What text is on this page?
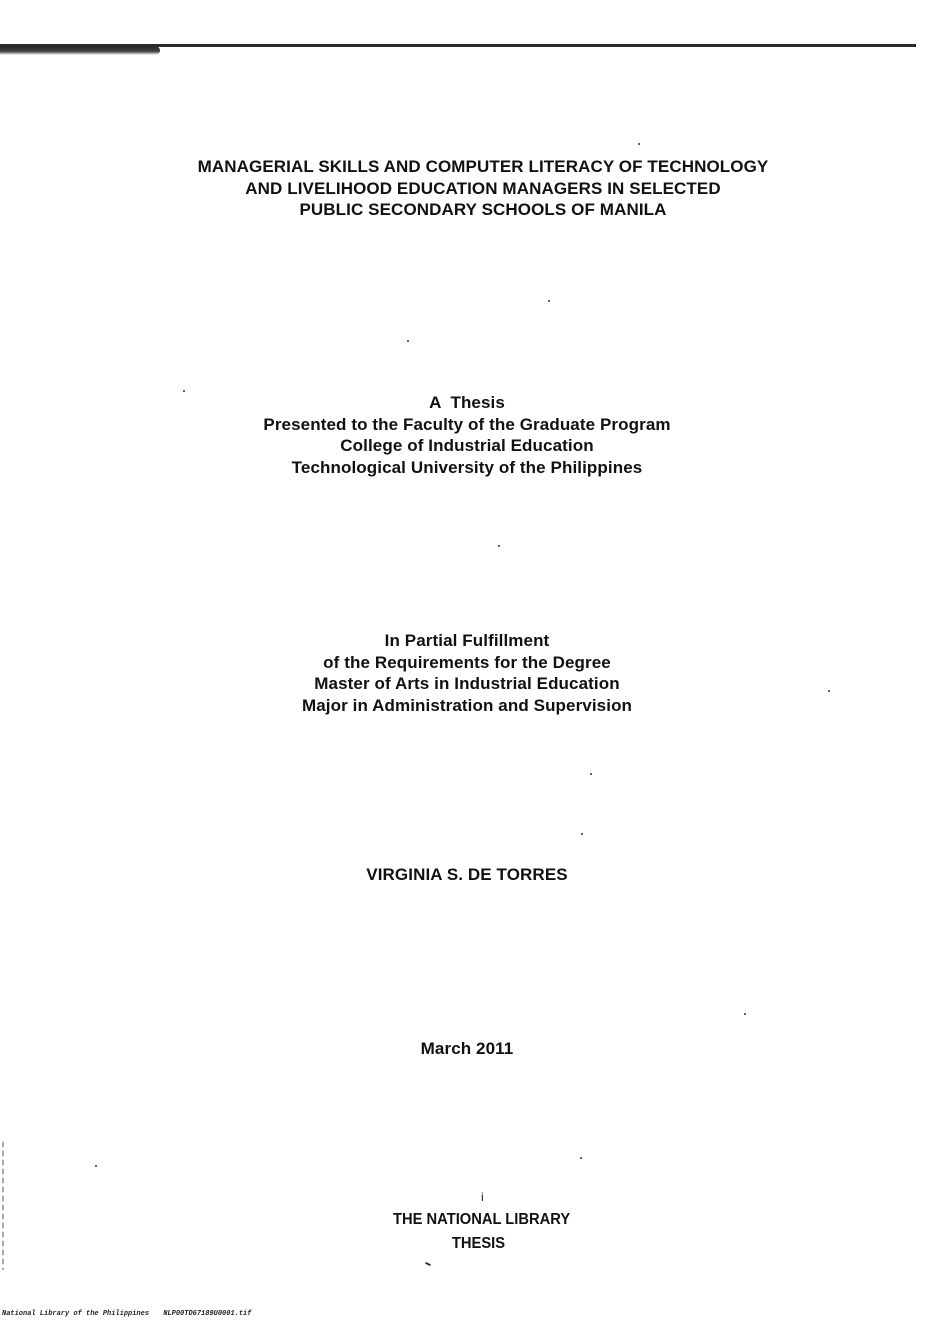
MANAGERIAL SKILLS AND COMPUTER LITERACY OF TECHNOLOGY
AND LIVELIHOOD EDUCATION MANAGERS IN SELECTED
PUBLIC SECONDARY SCHOOLS OF MANILA
A  Thesis
Presented to the Faculty of the Graduate Program
College of Industrial Education
Technological University of the Philippines
In Partial Fulfillment
of the Requirements for the Degree
Master of Arts in Industrial Education
Major in Administration and Supervision
VIRGINIA S. DE TORRES
March 2011
i
THE NATIONAL LIBRARY
THESIS
National Library of the Philippines NLP00TD67189U0001.tif
